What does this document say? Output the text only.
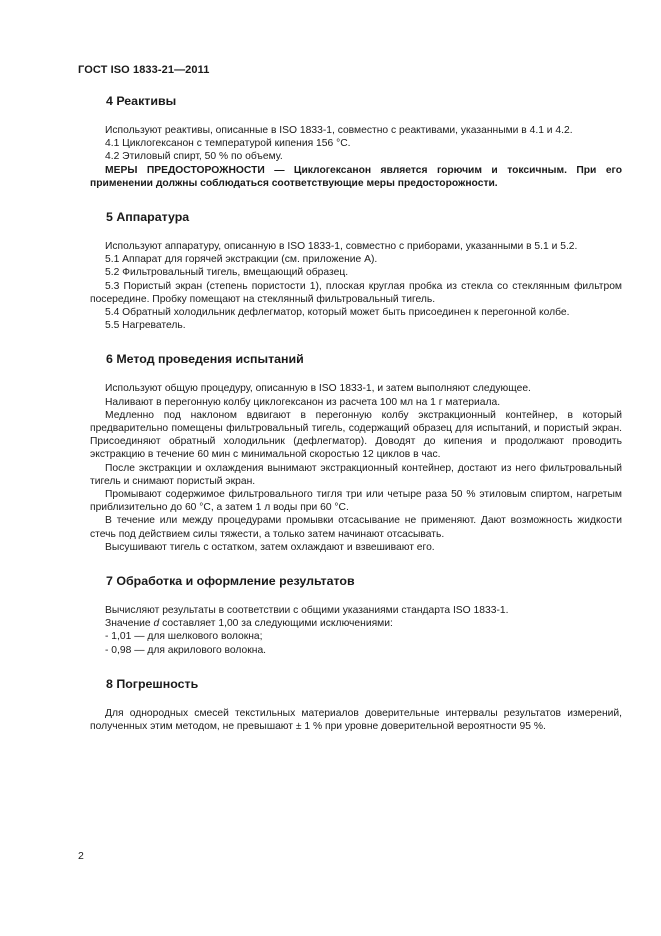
ГОСТ ISO 1833-21—2011
4 Реактивы

Используют реактивы, описанные в ISO 1833-1, совместно с реактивами, указанными в 4.1 и 4.2.

4.1 Циклогексанон с температурой кипения 156 °С.

4.2 Этиловый спирт, 50 % по объему.

МЕРЫ ПРЕДОСТОРОЖНОСТИ — Циклогексанон является горючим и токсичным. При его применении должны соблюдаться соответствующие меры предосторожности.

5 Аппаратура

Используют аппаратуру, описанную в ISO 1833-1, совместно с приборами, указанными в 5.1 и 5.2.

5.1 Аппарат для горячей экстракции (см. приложение А).

5.2 Фильтровальный тигель, вмещающий образец.

5.3 Пористый экран (степень пористости 1), плоская круглая пробка из стекла со стеклянным фильтром посередине. Пробку помещают на стеклянный фильтровальный тигель.

5.4 Обратный холодильник дефлегматор, который может быть присоединен к перегонной колбе.

5.5 Нагреватель.

6 Метод проведения испытаний

Используют общую процедуру, описанную в ISO 1833-1, и затем выполняют следующее.

Наливают в перегонную колбу циклогексанон из расчета 100 мл на 1 г материала.

Медленно под наклоном вдвигают в перегонную колбу экстракционный контейнер, в который предварительно помещены фильтровальный тигель, содержащий образец для испытаний, и пористый экран. Присоединяют обратный холодильник (дефлегматор). Доводят до кипения и продолжают проводить экстракцию в течение 60 мин с минимальной скоростью 12 циклов в час.

После экстракции и охлаждения вынимают экстракционный контейнер, достают из него фильтровальный тигель и снимают пористый экран.

Промывают содержимое фильтровального тигля три или четыре раза 50 % этиловым спиртом, нагретым приблизительно до 60 °С, а затем 1 л воды при 60 °С.

В течение или между процедурами промывки отсасывание не применяют. Дают возможность жидкости стечь под действием силы тяжести, а только затем начинают отсасывать.

Высушивают тигель с остатком, затем охлаждают и взвешивают его.

7 Обработка и оформление результатов

Вычисляют результаты в соответствии с общими указаниями стандарта ISO 1833-1.

Значение d составляет 1,00 за следующими исключениями:

- 1,01 — для шелкового волокна;

- 0,98 — для акрилового волокна.

8 Погрешность

Для однородных смесей текстильных материалов доверительные интервалы результатов измерений, полученных этим методом, не превышают ± 1 % при уровне доверительной вероятности 95 %.

2
